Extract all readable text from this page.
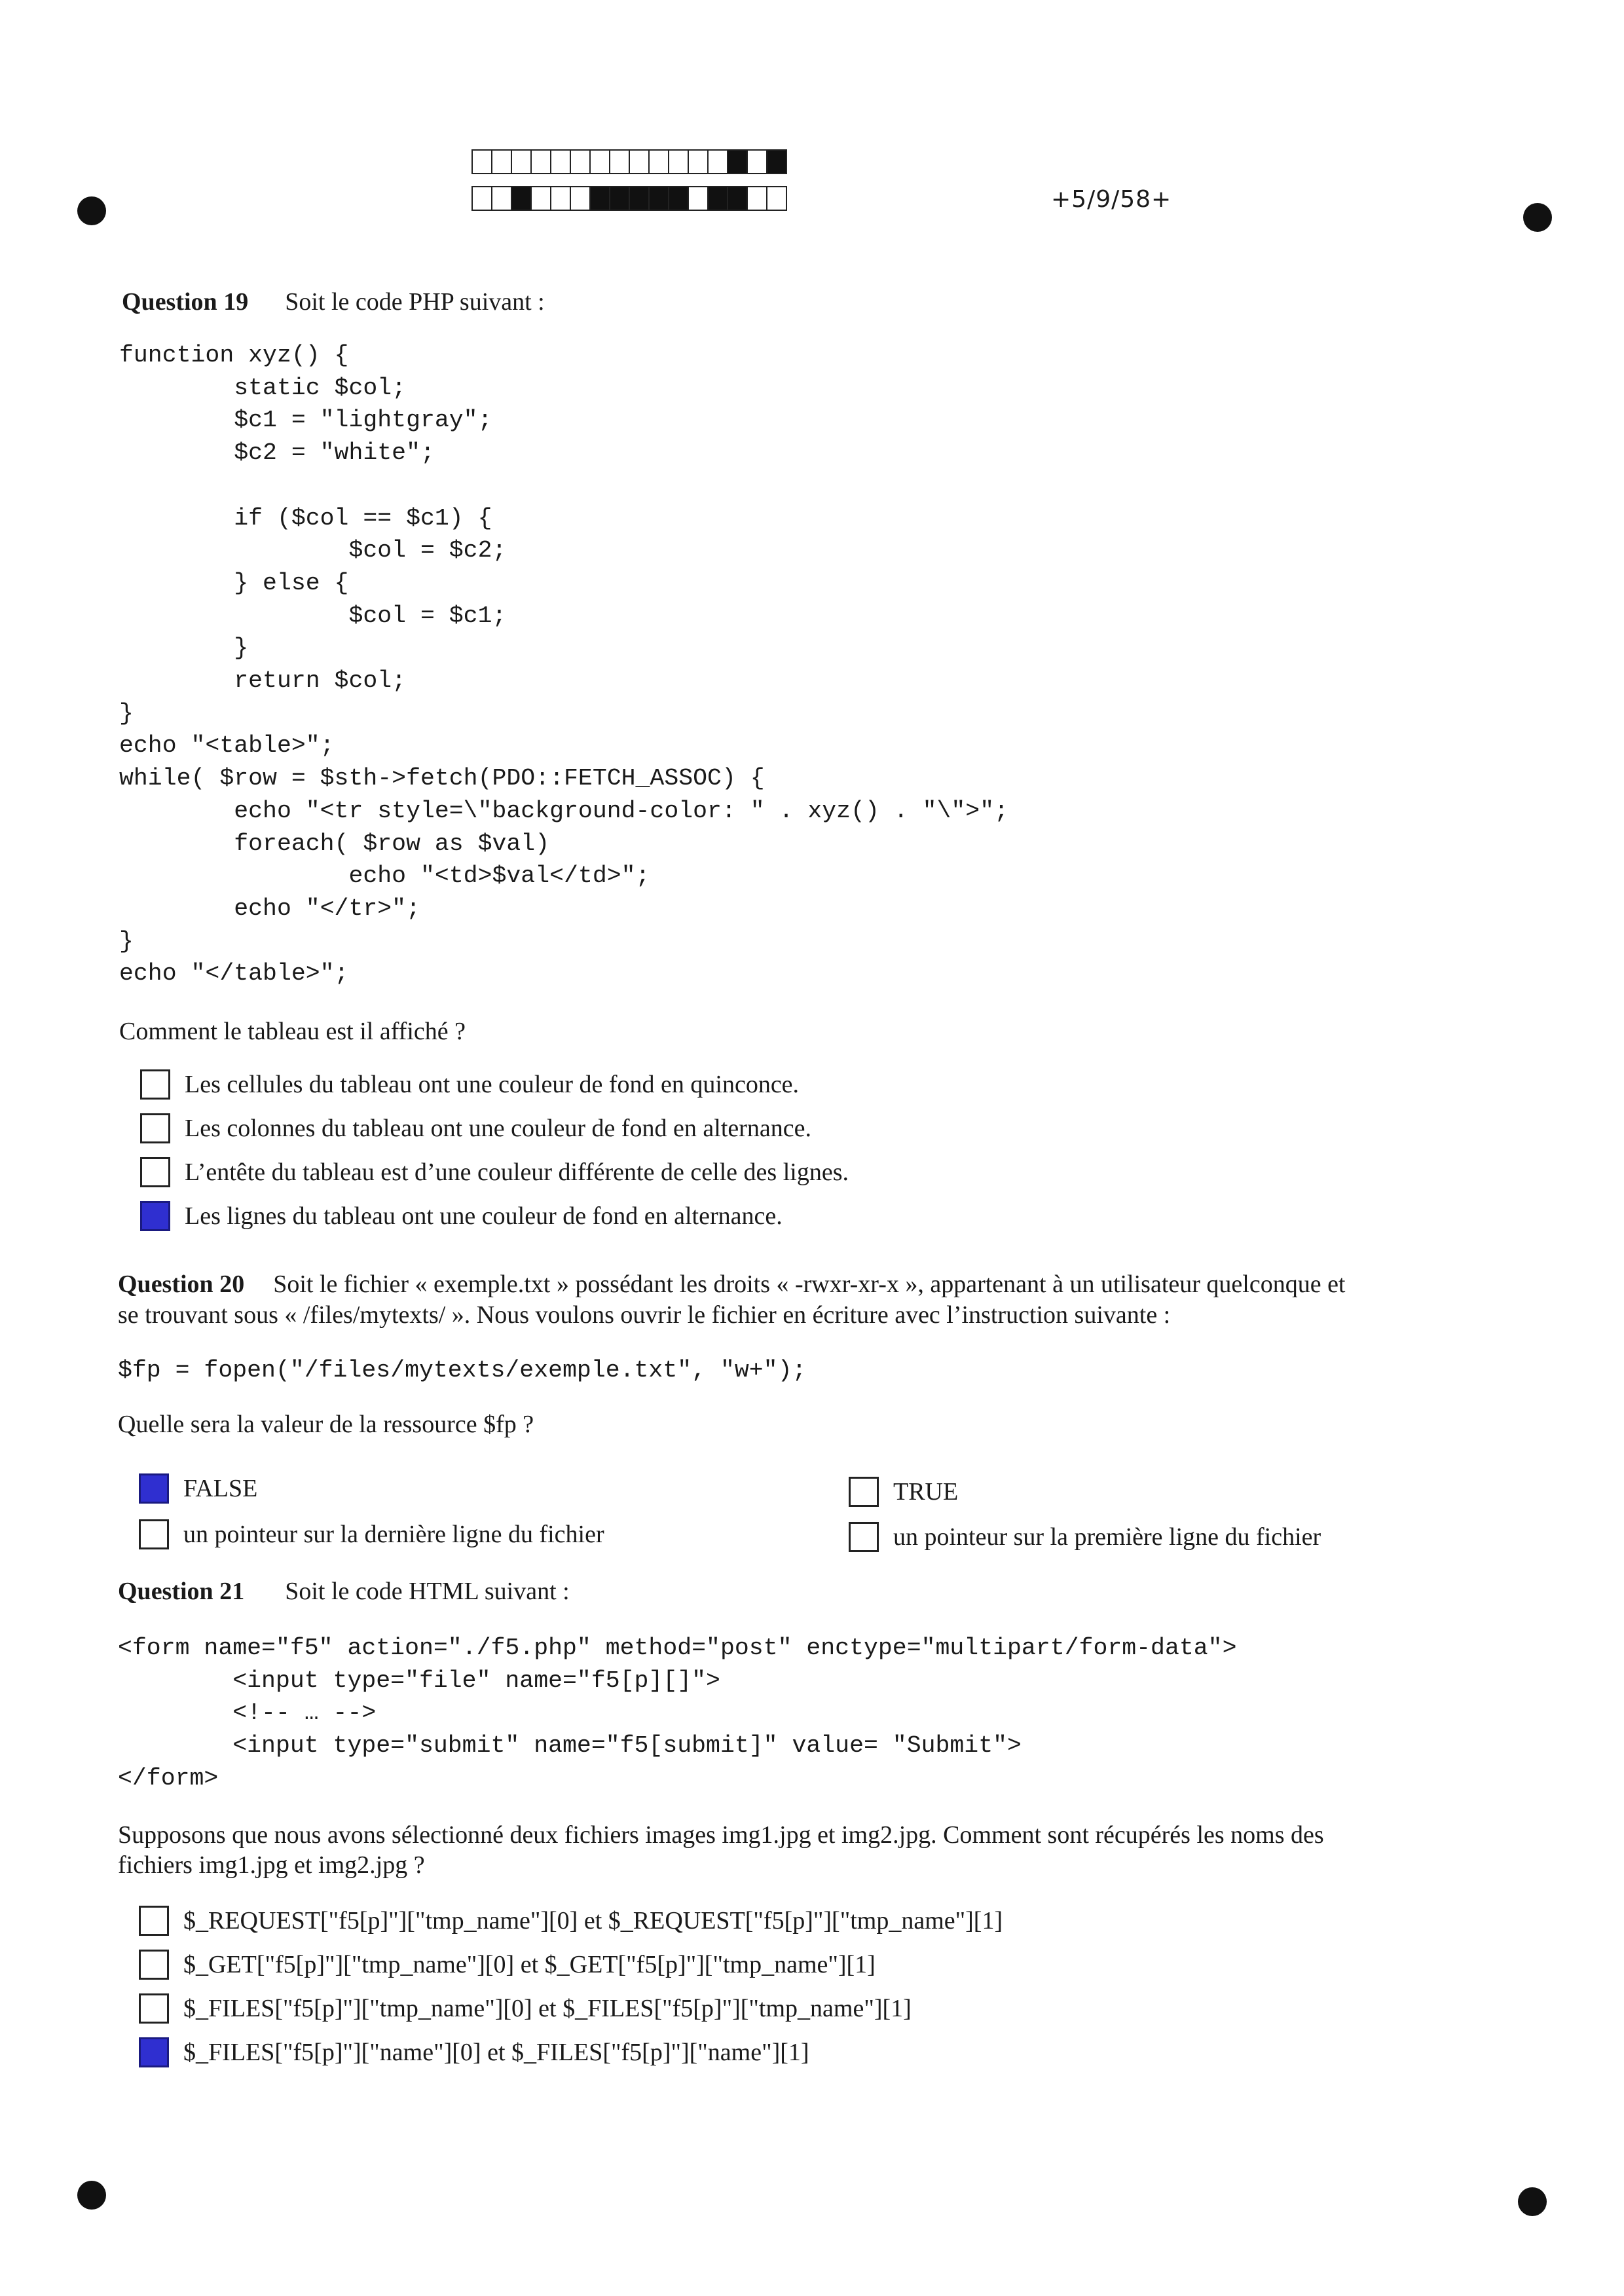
+5/9/58+
Question 19 Soit le code PHP suivant :
function xyz() {
static $col;
$c1 = "lightgray";
$c2 = "white";

if ($col == $c1) {
$col = $c2;
} else {
$col = $c1;
}
return $col;
}
echo "<table>";
while( $row = $sth->fetch(PDO::FETCH_ASSOC) {
echo "<tr style=\"background-color: " . xyz() . "\">";
foreach( $row as $val)
echo "<td>$val</td>";
echo "</tr>";
}
echo "</table>";
Comment le tableau est il affiché ?
Les cellules du tableau ont une couleur de fond en quinconce.
Les colonnes du tableau ont une couleur de fond en alternance.
L’entête du tableau est d’une couleur différente de celle des lignes.
Les lignes du tableau ont une couleur de fond en alternance.
Question 20 Soit le fichier « exemple.txt » possédant les droits « -rwxr-xr-x », appartenant à un utilisateur quelconque et
se trouvant sous « /files/mytexts/ ». Nous voulons ouvrir le fichier en écriture avec l’instruction suivante :
$fp = fopen("/files/mytexts/exemple.txt", "w+");
Quelle sera la valeur de la ressource $fp ?
FALSE	TRUE
un pointeur sur la dernière ligne du fichier	un pointeur sur la première ligne du fichier
Question 21 Soit le code HTML suivant :
<form name="f5" action="./f5.php" method="post" enctype="multipart/form-data">
<input type="file" name="f5[p][]">
<!-- … -->
<input type="submit" name="f5[submit]" value= "Submit">
</form>
Supposons que nous avons sélectionné deux fichiers images img1.jpg et img2.jpg. Comment sont récupérés les noms des
fichiers img1.jpg et img2.jpg ?
$_REQUEST["f5[p]"]["tmp_name"][0] et $_REQUEST["f5[p]"]["tmp_name"][1]
$_GET["f5[p]"]["tmp_name"][0] et $_GET["f5[p]"]["tmp_name"][1]
$_FILES["f5[p]"]["tmp_name"][0] et $_FILES["f5[p]"]["tmp_name"][1]
$_FILES["f5[p]"]["name"][0] et $_FILES["f5[p]"]["name"][1]
